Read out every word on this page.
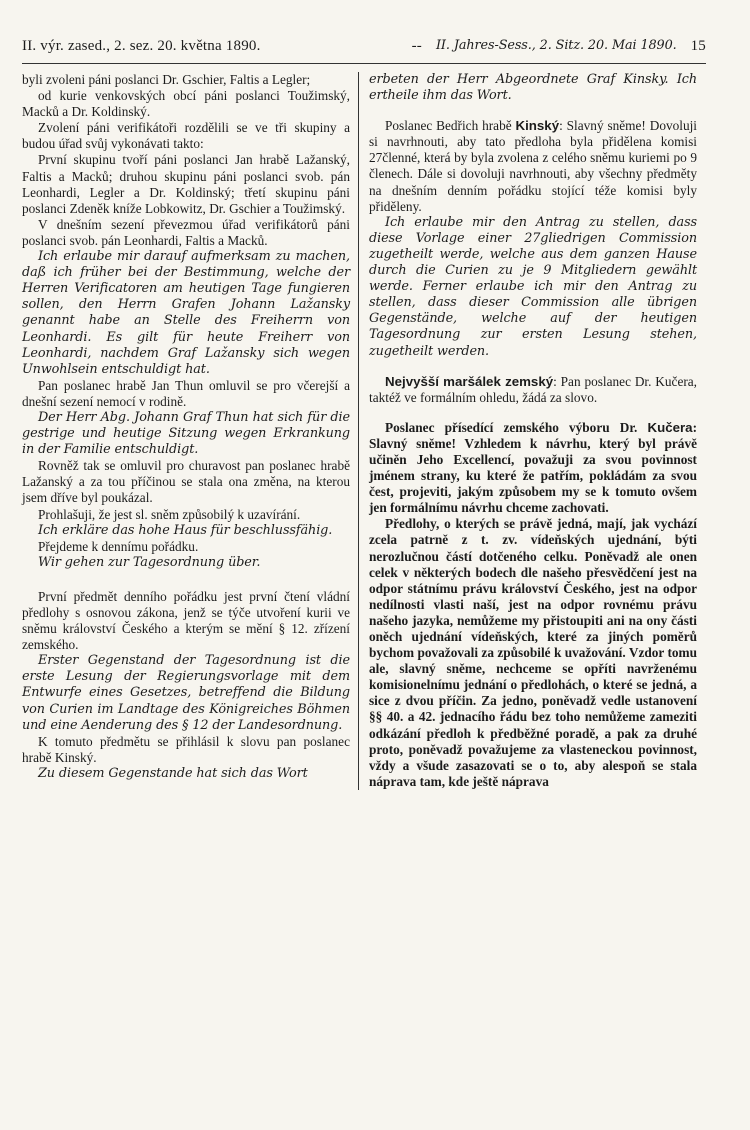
II. výr. zased., 2. sez. 20. května 1890.	-- II. Jahres-Sess., 2. Sitz. 20. Mai 1890. 15

byli zvoleni páni poslanci Dr. Gschier, Faltis a Legler;

od kurie venkovských obcí páni poslanci Toužimský, Macků a Dr. Koldinský.

Zvolení páni verifikátoři rozdělili se ve tři skupiny a budou úřad svůj vykonávati takto:

První skupinu tvoří páni poslanci Jan hrabě Lažanský, Faltis a Macků; druhou skupinu páni poslanci svob. pán Leonhardi, Legler a Dr. Koldinský; třetí skupinu páni poslanci Zdeněk kníže Lobkowitz, Dr. Gschier a Toužimský.

V dnešním sezení převezmou úřad verifikátorů páni poslanci svob. pán Leonhardi, Faltis a Macků.

Ich erlaube mir darauf aufmerksam zu machen, daß ich früher bei der Bestimmung, welche der Herren Verificatoren am heutigen Tage fungieren sollen, den Herrn Grafen Johann Lažansky genannt habe an Stelle des Freiherrn von Leonhardi. Es gilt für heute Freiherr von Leonhardi, nachdem Graf Lažansky sich wegen Unwohlsein entschuldigt hat.

Pan poslanec hrabě Jan Thun omluvil se pro včerejší a dnešní sezení nemocí v rodině.

Der Herr Abg. Johann Graf Thun hat sich für die gestrige und heutige Sitzung wegen Erkrankung in der Familie entschuldigt.

Rovněž tak se omluvil pro churavost pan poslanec hrabě Lažanský a za tou příčinou se stala ona změna, na kterou jsem dříve byl poukázal.

Prohlašuji, že jest sl. sněm způsobilý k uzavírání.

Ich erkläre das hohe Haus für beschlussfähig.

Přejdeme k dennímu pořádku.

Wir gehen zur Tagesordnung über.

První předmět denního pořádku jest první čtení vládní předlohy s osnovou zákona, jenž se týče utvoření kurii ve sněmu království Českého a kterým se mění § 12. zřízení zemského.

Erster Gegenstand der Tagesordnung ist die erste Lesung der Regierungsvorlage mit dem Entwurfe eines Gesetzes, betreffend die Bildung von Curien im Landtage des Königreiches Böhmen und eine Aenderung des § 12 der Landesordnung.

K tomuto předmětu se přihlásil k slovu pan poslanec hrabě Kinský.

Zu diesem Gegenstande hat sich das Wort

erbeten der Herr Abgeordnete Graf Kinsky. Ich ertheile ihm das Wort.

Poslanec Bedřich hrabě Kinský: Slavný sněme! Dovoluji si navrhnouti, aby tato předloha byla přidělena komisi 27členné, která by byla zvolena z celého sněmu kuriemi po 9 členech. Dále si dovoluji navrhnouti, aby všechny předměty na dnešním denním pořádku stojící téže komisi byly přiděleny.

Ich erlaube mir den Antrag zu stellen, dass diese Vorlage einer 27gliedrigen Commission zugetheilt werde, welche aus dem ganzen Hause durch die Curien zu je 9 Mitgliedern gewählt werde. Ferner erlaube ich mir den Antrag zu stellen, dass dieser Commission alle übrigen Gegenstände, welche auf der heutigen Tagesordnung zur ersten Lesung stehen, zugetheilt werden.

Nejvyšší maršálek zemský: Pan poslanec Dr. Kučera, taktéž ve formálním ohledu, žádá za slovo.

Poslanec přísedící zemského výboru Dr. Kučera: Slavný sněme! Vzhledem k návrhu, který byl právě učiněn Jeho Excellencí, považuji za svou povinnost jménem strany, ku které že patřím, pokládám za svou čest, projeviti, jakým způsobem my se k tomuto ovšem jen formálnímu návrhu chceme zachovati.

Předlohy, o kterých se právě jedná, mají, jak vychází zcela patrně z t. zv. vídeňských ujednání, býti nerozlučnou částí dotčeného celku. Poněvadž ale onen celek v některých bodech dle našeho přesvědčení jest na odpor státnímu právu království Českého, jest na odpor nedílnosti vlasti naší, jest na odpor rovnému právu našeho jazyka, nemůžeme my přistoupiti ani na ony části oněch ujednání vídeňských, které za jiných poměrů bychom považovali za způsobilé k uvažování. Vzdor tomu ale, slavný sněme, nechceme se opříti navrženému komisionelnímu jednání o předlohách, o které se jedná, a sice z dvou příčin. Za jedno, poněvadž vedle ustanovení §§ 40. a 42. jednacího řádu bez toho nemůžeme zameziti odkázání předloh k předběžné poradě, a pak za druhé proto, poněvadž považujeme za vlasteneckou povinnost, vždy a všude zasazovati se o to, aby alespoň se stala náprava tam, kde ještě náprava
